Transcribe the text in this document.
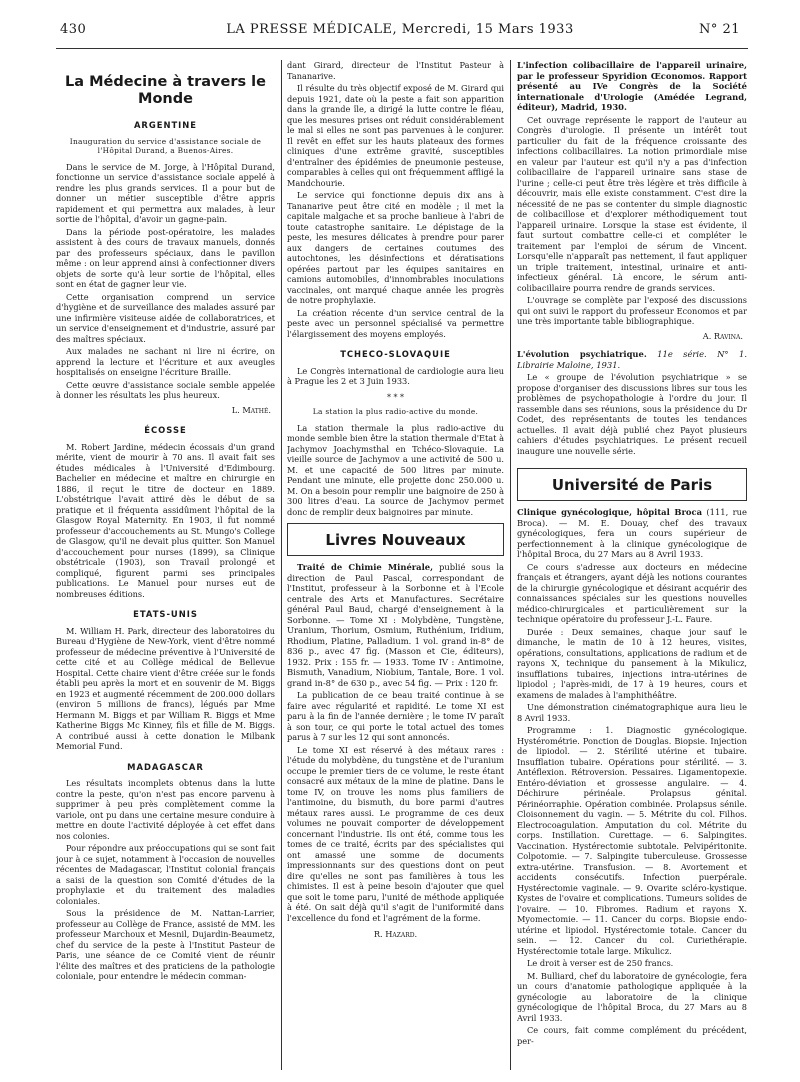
430	LA PRESSE MÉDICALE, Mercredi, 15 Mars 1933	N° 21
La Médecine à travers le Monde
ARGENTINE
Inauguration du service d'assistance sociale de l'Hôpital Durand, a Buenos-Aires.

Dans le service de M. Jorge, à l'Hôpital Durand, fonctionne un service d'assistance sociale appelé à rendre les plus grands services. Il a pour but de donner un métier susceptible d'être appris rapidement et qui permettra aux malades, à leur sortie de l'hôpital, d'avoir un gagne-pain.

Dans la période post-opératoire, les malades assistent à des cours de travaux manuels, donnés par des professeurs spéciaux, dans le pavillon même : on leur apprend ainsi à confectionner divers objets de sorte qu'à leur sortie de l'hôpital, elles sont en état de gagner leur vie.

Cette organisation comprend un service d'hygiène et de surveillance des malades assuré par une infirmière visiteuse aidée de collaboratrices, et un service d'enseignement et d'industrie, assuré par des maîtres spéciaux.

Aux malades ne sachant ni lire ni écrire, on apprend la lecture et l'écriture et aux aveugles hospitalisés on enseigne l'écriture Braille.

Cette œuvre d'assistance sociale semble appelée à donner les résultats les plus heureux.

L. Mathé.
ÉCOSSE

M. Robert Jardine, médecin écossais d'un grand mérite, vient de mourir à 70 ans. Il avait fait ses études médicales à l'Université d'Edimbourg. Bachelier en médecine et maître en chirurgie en 1886, il reçut le titre de docteur en 1889. L'obstétrique l'avait attiré dès le début de sa pratique et il fréquenta assidûment l'hôpital de la Glasgow Royal Maternity. En 1903, il fut nommé professeur d'accouchements au St. Mungo's College de Glasgow, qu'il ne devait plus quitter. Son Manuel d'accouchement pour nurses (1899), sa Clinique obstétricale (1903), son Travail prolongé et compliqué, figurent parmi ses principales publications. Le Manuel pour nurses eut de nombreuses éditions.

ETATS-UNIS

M. William H. Park, directeur des laboratoires du Bureau d'Hygiène de New-York, vient d'être nommé professeur de médecine préventive à l'Université de cette cité et au Collège médical de Bellevue Hospital. Cette chaire vient d'être créée sur le fonds établi peu après la mort et en souvenir de M. Biggs en 1923 et augmenté récemment de 200.000 dollars (environ 5 millions de francs), légués par Mme Hermann M. Biggs et par William R. Biggs et Mme Katherine Biggs Mc Kinney, fils et fille de M. Biggs. A contribué aussi à cette donation le Milbank Memorial Fund.

MADAGASCAR

Les résultats incomplets obtenus dans la lutte contre la peste, qu'on n'est pas encore parvenu à supprimer à peu près complètement comme la variole, ont pu dans une certaine mesure conduire à mettre en doute l'activité déployée à cet effet dans nos colonies.

Pour répondre aux préoccupations qui se sont fait jour à ce sujet, notamment à l'occasion de nouvelles récentes de Madagascar, l'Institut colonial français a saisi de la question son Comité d'études de la prophylaxie et du traitement des maladies coloniales.

Sous la présidence de M. Nattan-Larrier, professeur au Collège de France, assisté de MM. les professeur Marchoux et Mesnil, Dujardin-Beaumetz, chef du service de la peste à l'Institut Pasteur de Paris, une séance de ce Comité vient de réunir l'élite des maîtres et des praticiens de la pathologie coloniale, pour entendre le médecin comman-

dant Girard, directeur de l'Institut Pasteur à Tananarive.

Il résulte du très objectif exposé de M. Girard qui depuis 1921, date où la peste a fait son apparition dans la grande île, a dirigé la lutte contre le fléau, que les mesures prises ont réduit considérablement le mal si elles ne sont pas parvenues à le conjurer. Il revêt en effet sur les hauts plateaux des formes cliniques d'une extrême gravité, susceptibles d'entraîner des épidémies de pneumonie pesteuse, comparables à celles qui ont fréquemment affligé la Mandchourie.

Le service qui fonctionne depuis dix ans à Tananarive peut être cité en modèle ; il met la capitale malgache et sa proche banlieue à l'abri de toute catastrophe sanitaire. Le dépistage de la peste, les mesures délicates à prendre pour parer aux dangers de certaines coutumes des autochtones, les désinfections et dératisations opérées partout par les équipes sanitaires en camions automobiles, d'innombrables inoculations vaccinales, ont marqué chaque année les progrès de notre prophylaxie.

La création récente d'un service central de la peste avec un personnel spécialisé va permettre l'élargissement des moyens employés.

TCHECO-SLOVAQUIE

Le Congrès international de cardiologie aura lieu à Prague les 2 et 3 Juin 1933.

* * *
La station la plus radio-active du monde.

La station thermale la plus radio-active du monde semble bien être la station thermale d'Etat à Jachymov Joachymsthal en Tchéco-Slovaquie. La vieille source de Jachymov a une activité de 500 u. M. et une capacité de 500 litres par minute. Pendant une minute, elle projette donc 250.000 u. M. On a besoin pour remplir une baignoire de 250 à 300 litres d'eau. La source de Jachymov permet donc de remplir deux baignoires par minute.

Livres Nouveaux

Traité de Chimie Minérale, publié sous la direction de Paul Pascal, correspondant de l'Institut, professeur à la Sorbonne et à l'Ecole centrale des Arts et Manufactures. Secrétaire général Paul Baud, chargé d'enseignement à la Sorbonne. — Tome XI : Molybdène, Tungstène, Uranium, Thorium, Osmium, Ruthénium, Iridium, Rhodium, Platine, Palladium. 1 vol. grand in-8° de 836 p., avec 47 fig. (Masson et Cie, éditeurs), 1932. Prix : 155 fr. — 1933. Tome IV : Antimoine, Bismuth, Vanadium, Niobium, Tantale, Bore. 1 vol. grand in-8° de 630 p., avec 54 fig. — Prix : 120 fr.

La publication de ce beau traité continue à se faire avec régularité et rapidité. Le tome XI est paru à la fin de l'année dernière ; le tome IV paraît à son tour, ce qui porte le total actuel des tomes parus à 7 sur les 12 qui sont annoncés.

Le tome XI est réservé à des métaux rares : l'étude du molybdène, du tungstène et de l'uranium occupe le premier tiers de ce volume, le reste étant consacré aux métaux de la mine de platine. Dans le tome IV, on trouve les noms plus familiers de l'antimoine, du bismuth, du bore parmi d'autres métaux rares aussi. Le programme de ces deux volumes ne pouvait comporter de développement concernant l'industrie. Ils ont été, comme tous les tomes de ce traité, écrits par des spécialistes qui ont amassé une somme de documents impressionnants sur des questions dont on peut dire qu'elles ne sont pas familières à tous les chimistes. Il est à peine besoin d'ajouter que quel que soit le tome paru, l'unité de méthode appliquée à été. On sait déjà qu'il s'agit de l'uniformité dans l'excellence du fond et l'agrément de la forme.

R. Hazard.

L'infection colibacillaire de l'appareil urinaire, par le professeur Spyridion Œconomos. Rapport présenté au IVe Congrès de la Société internationale d'Urologie (Amédée Legrand, éditeur), Madrid, 1930.

Cet ouvrage représente le rapport de l'auteur au Congrès d'urologie. Il présente un intérêt tout particulier du fait de la fréquence croissante des infections colibacillaires. La notion primordiale mise en valeur par l'auteur est qu'il n'y a pas d'infection colibacillaire de l'appareil urinaire sans stase de l'urine ; celle-ci peut être très légère et très difficile à découvrir, mais elle existe constamment. C'est dire la nécessité de ne pas se contenter du simple diagnostic de colibacillose et d'explorer méthodiquement tout l'appareil urinaire. Lorsque la stase est évidente, il faut surtout combattre celle-ci et compléter le traitement par l'emploi de sérum de Vincent. Lorsqu'elle n'apparaît pas nettement, il faut appliquer un triple traitement, intestinal, urinaire et anti-infectieux général. Là encore, le sérum anti-colibacillaire pourra rendre de grands services.

L'ouvrage se complète par l'exposé des discussions qui ont suivi le rapport du professeur Economos et par une très importante table bibliographique.

A. Ravina.

L'évolution psychiatrique. 11e série. N° 1. Librairie Maloine, 1931.

Le « groupe de l'évolution psychiatrique » se propose d'organiser des discussions libres sur tous les problèmes de psychopathologie à l'ordre du jour. Il rassemble dans ses réunions, sous la présidence du Dr Codet, des représentants de toutes les tendances actuelles. Il avait déjà publié chez Payot plusieurs cahiers d'études psychiatriques. Le présent recueil inaugure une nouvelle série.

Université de Paris

Clinique gynécologique, hôpital Broca (111, rue Broca). — M. E. Douay, chef des travaux gynécologiques, fera un cours supérieur de perfectionnement à la clinique gynécologique de l'hôpital Broca, du 27 Mars au 8 Avril 1933.

Ce cours s'adresse aux docteurs en médecine français et étrangers, ayant déjà les notions courantes de la chirurgie gynécologique et désirant acquérir des connaissances spéciales sur les questions nouvelles médico-chirurgicales et particulièrement sur la technique opératoire du professeur J.-L. Faure.

Durée : Deux semaines, chaque jour sauf le dimanche, le matin de 10 à 12 heures, visites, opérations, consultations, applications de radium et de rayons X, technique du pansement à la Mikulicz, insufflations tubaires, injections intra-utérines de lipiodol ; l'après-midi, de 17 à 19 heures, cours et examens de malades à l'amphithéâtre.

Une démonstration cinématographique aura lieu le 8 Avril 1933.

Programme : 1. Diagnostic gynécologique. Hystérométrie. Ponction de Douglas. Biopsie. Injection de lipiodol. — 2. Stérilité utérine et tubaire. Insufflation tubaire. Opérations pour stérilité. — 3. Antéflexion. Rétroversion. Pessaires. Ligamentopexie. Entéro-déviation et grossesse angulaire. — 4. Déchirure périnéale. Prolapsus génital. Périnéorraphie. Opération combinée. Prolapsus sénile. Cloisonnement du vagin. — 5. Métrite du col. Filhos. Electrocoagulation. Amputation du col. Métrite du corps. Instillation. Curettage. — 6. Salpingites. Vaccination. Hystérectomie subtotale. Pelvipéritonite. Colpotomie. — 7. Salpingite tuberculeuse. Grossesse extra-utérine. Transfusion. — 8. Avortement et accidents consécutifs. Infection puerpérale. Hystérectomie vaginale. — 9. Ovarite scléro-kystique. Kystes de l'ovaire et complications. Tumeurs solides de l'ovaire. — 10. Fibromes. Radium et rayons X. Myomectomie. — 11. Cancer du corps. Biopsie endo-utérine et lipiodol. Hystérectomie totale. Cancer du sein. — 12. Cancer du col. Curiethérapie. Hystérectomie totale large. Mikulicz.

Le droit à verser est de 250 francs.

M. Bulliard, chef du laboratoire de gynécologie, fera un cours d'anatomie pathologique appliquée à la gynécologie au laboratoire de la clinique gynécologique de l'hôpital Broca, du 27 Mars au 8 Avril 1933.

Ce cours, fait comme complément du précédent, per-
